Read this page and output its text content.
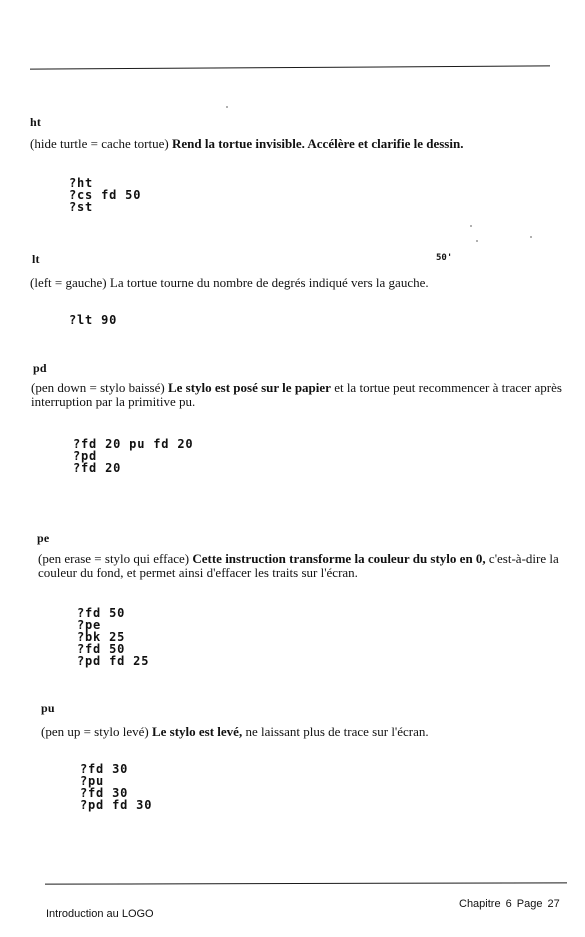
ht
(hide turtle = cache tortue) Rend la tortue invisible. Accélère et clarifie le dessin.
?ht
?cs fd 50
?st
50'
lt
(left = gauche) La tortue tourne du nombre de degrés indiqué vers la gauche.
?lt 90
pd
(pen down = stylo baissé) Le stylo est posé sur le papier et la tortue peut recommencer à tracer après interruption par la primitive pu.
?fd 20 pu fd 20
?pd
?fd 20
pe
(pen erase = stylo qui efface) Cette instruction transforme la couleur du stylo en 0, c'est-à-dire la couleur du fond, et permet ainsi d'effacer les traits sur l'écran.
?fd 50
?pe
?bk 25
?fd 50
?pd fd 25
pu
(pen up = stylo levé) Le stylo est levé, ne laissant plus de trace sur l'écran.
?fd 30
?pu
?fd 30
?pd fd 30
Chapitre 6 Page 27
Introduction au LOGO
